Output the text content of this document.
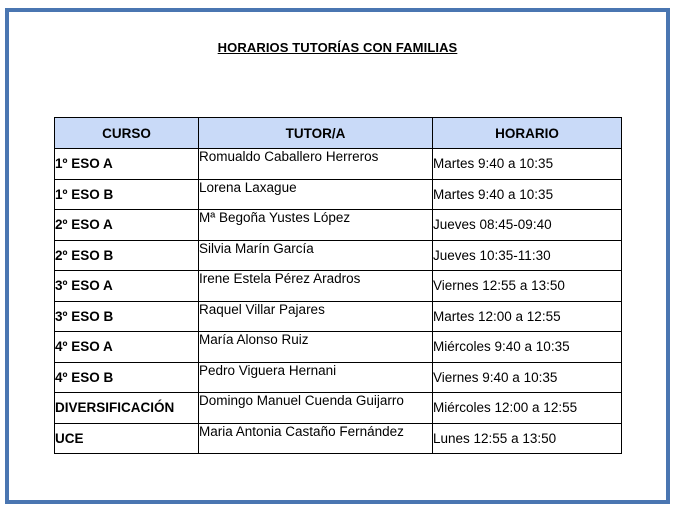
HORARIOS TUTORÍAS CON FAMILIAS
CURSO	TUTOR/A	HORARIO
1º ESO A	Romualdo Caballero Herreros	Martes 9:40 a 10:35
1º ESO B	Lorena Laxague	Martes 9:40 a 10:35
2º ESO A	Mª Begoña Yustes López	Jueves 08:45-09:40
2º ESO B	Silvia Marín García	Jueves 10:35-11:30
3º ESO A	Irene Estela Pérez Aradros	Viernes 12:55 a 13:50
3º ESO B	Raquel Villar Pajares	Martes 12:00 a 12:55
4º ESO A	María Alonso Ruiz	Miércoles 9:40 a 10:35
4º ESO B	Pedro Viguera Hernani	Viernes 9:40 a 10:35
DIVERSIFICACIÓN	Domingo Manuel Cuenda Guijarro	Miércoles 12:00 a 12:55
UCE	Maria Antonia Castaño Fernández	Lunes 12:55 a 13:50
